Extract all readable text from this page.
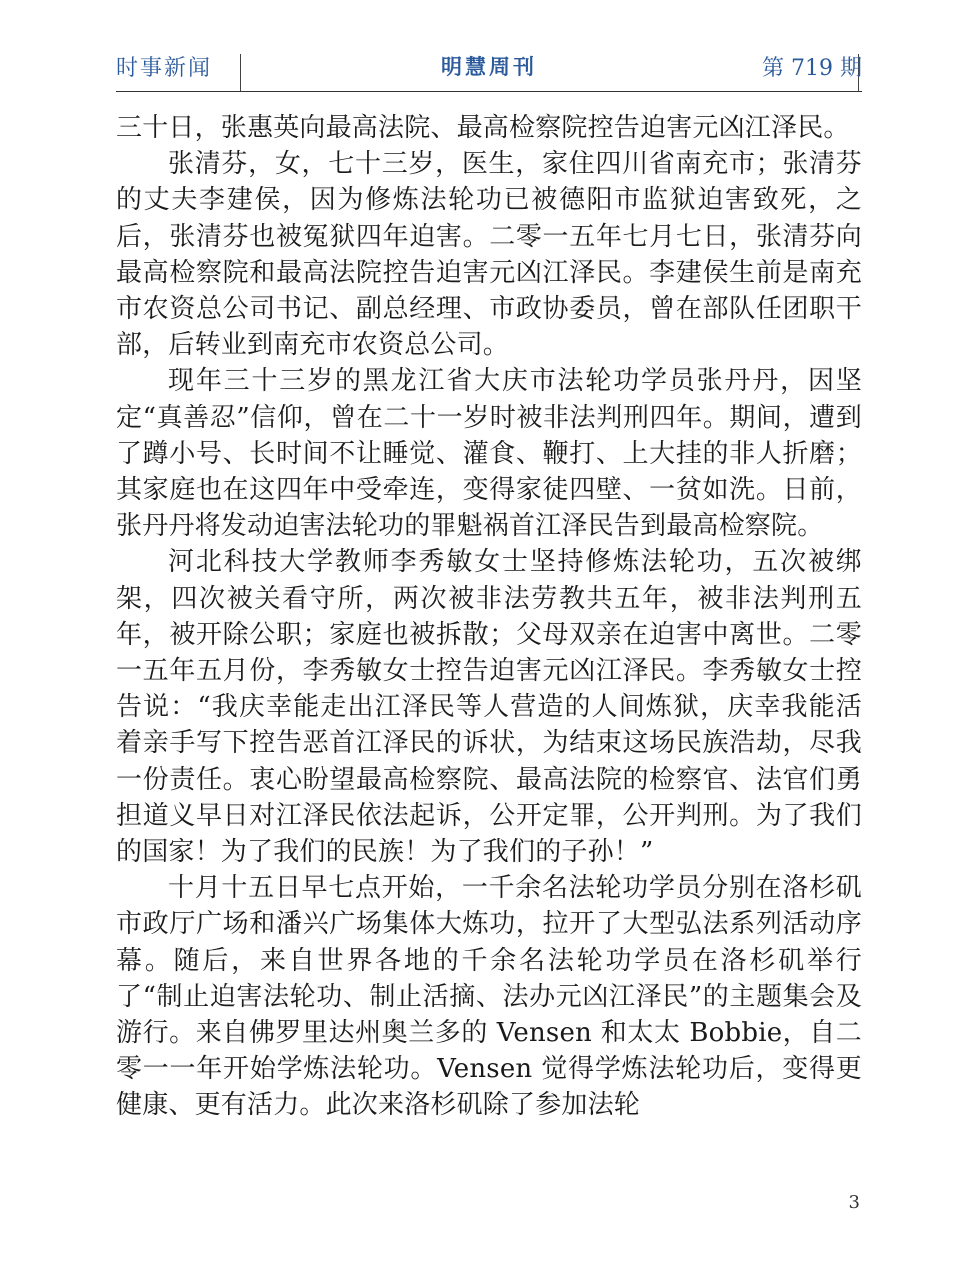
时事新闻	明慧周刊	第 719 期

三十日，张惠英向最高法院、最高检察院控告迫害元凶江泽民。

张清芬，女，七十三岁，医生，家住四川省南充市；张清芬的丈夫李建侯，因为修炼法轮功已被德阳市监狱迫害致死，之后，张清芬也被冤狱四年迫害。二零一五年七月七日，张清芬向最高检察院和最高法院控告迫害元凶江泽民。李建侯生前是南充市农资总公司书记、副总经理、市政协委员，曾在部队任团职干部，后转业到南充市农资总公司。

现年三十三岁的黑龙江省大庆市法轮功学员张丹丹，因坚定“真善忍”信仰，曾在二十一岁时被非法判刑四年。期间，遭到了蹲小号、长时间不让睡觉、灌食、鞭打、上大挂的非人折磨；其家庭也在这四年中受牵连，变得家徒四壁、一贫如洗。日前，张丹丹将发动迫害法轮功的罪魁祸首江泽民告到最高检察院。

河北科技大学教师李秀敏女士坚持修炼法轮功，五次被绑架，四次被关看守所，两次被非法劳教共五年，被非法判刑五年，被开除公职；家庭也被拆散；父母双亲在迫害中离世。二零一五年五月份，李秀敏女士控告迫害元凶江泽民。李秀敏女士控告说：“我庆幸能走出江泽民等人营造的人间炼狱，庆幸我能活着亲手写下控告恶首江泽民的诉状，为结束这场民族浩劫，尽我一份责任。衷心盼望最高检察院、最高法院的检察官、法官们勇担道义早日对江泽民依法起诉，公开定罪，公开判刑。为了我们的国家！为了我们的民族！为了我们的子孙！”

十月十五日早七点开始，一千余名法轮功学员分别在洛杉矶市政厅广场和潘兴广场集体大炼功，拉开了大型弘法系列活动序幕。随后，来自世界各地的千余名法轮功学员在洛杉矶举行了“制止迫害法轮功、制止活摘、法办元凶江泽民”的主题集会及游行。来自佛罗里达州奥兰多的 Vensen 和太太 Bobbie，自二零一一年开始学炼法轮功。Vensen 觉得学炼法轮功后，变得更健康、更有活力。此次来洛杉矶除了参加法轮

3
